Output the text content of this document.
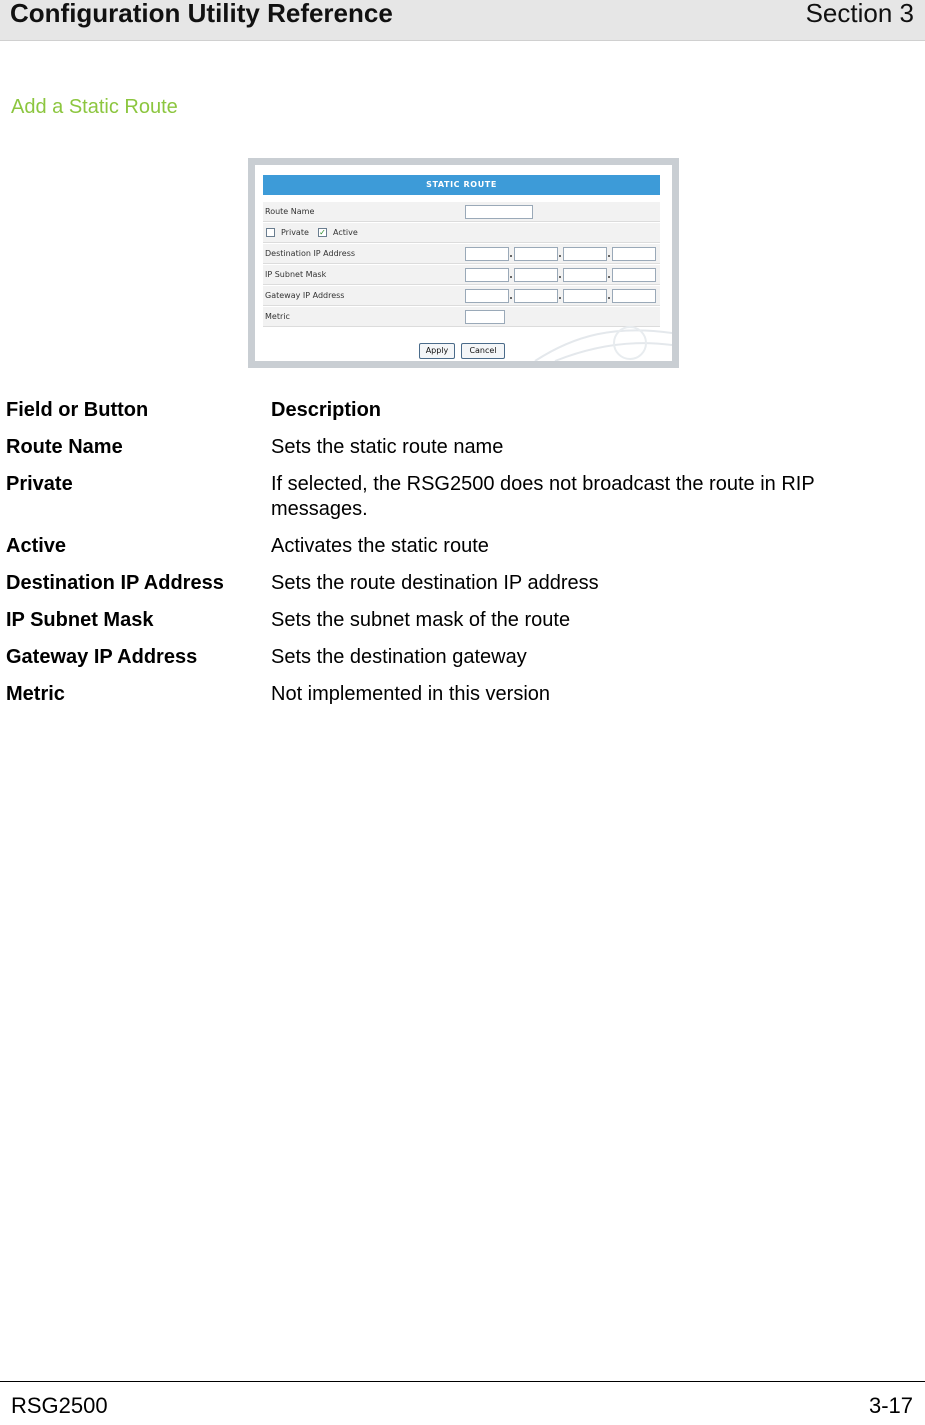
Configuration Utility Reference	Section 3
Add a Static Route
STATIC ROUTE
Route Name
Private ✓ Active
Destination IP Address
IP Subnet Mask
Gateway IP Address
Metric
Apply	Cancel
Field or Button	Description
Route Name	Sets the static route name
Private	If selected, the RSG2500 does not broadcast the route in RIP messages.
Active	Activates the static route
Destination IP Address	Sets the route destination IP address
IP Subnet Mask	Sets the subnet mask of the route
Gateway IP Address	Sets the destination gateway
Metric	Not implemented in this version
RSG2500	3-17
